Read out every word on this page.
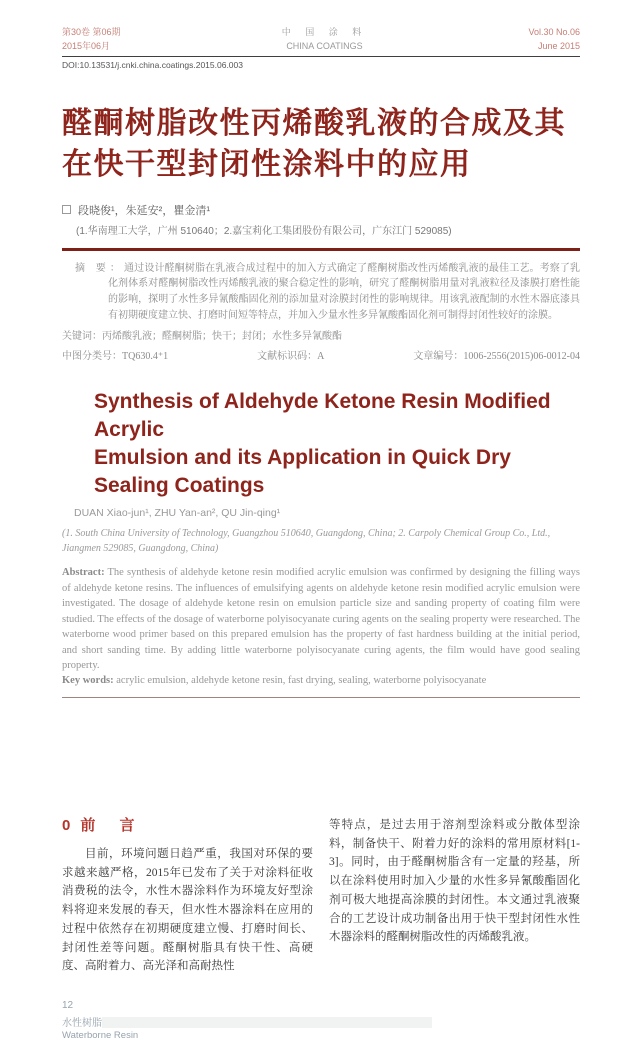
第30卷 第06期
2015年06月
中 国 涂 料
CHINA COATINGS
Vol.30 No.06
June 2015
DOI:10.13531/j.cnki.china.coatings.2015.06.003
醛酮树脂改性丙烯酸乳液的合成及其
在快干型封闭性涂料中的应用
段晓俊¹，朱延安²，瞿金清¹
(1.华南理工大学，广州 510640；2.嘉宝莉化工集团股份有限公司，广东江门 529085)
摘 要：通过设计醛酮树脂在乳液合成过程中的加入方式确定了醛酮树脂改性丙烯酸乳液的最佳工艺。考察了乳化剂体系对醛酮树脂改性丙烯酸乳液的聚合稳定性的影响，研究了醛酮树脂用量对乳液粒径及漆膜打磨性能的影响，探明了水性多异氰酸酯固化剂的添加量对涂膜封闭性的影响规律。用该乳液配制的水性木器底漆具有初期硬度建立快、打磨时间短等特点，并加入少量水性多异氰酸酯固化剂可制得封闭性较好的涂膜。
关键词：丙烯酸乳液；醛酮树脂；快干；封闭；水性多异氰酸酯
中图分类号：TQ630.4⁺1	文献标识码：A	文章编号：1006-2556(2015)06-0012-04
Synthesis of Aldehyde Ketone Resin Modified Acrylic
Emulsion and its Application in Quick Dry Sealing Coatings
DUAN Xiao-jun¹, ZHU Yan-an², QU Jin-qing¹
(1. South China University of Technology, Guangzhou 510640, Guangdong, China; 2. Carpoly Chemical Group Co., Ltd., Jiangmen 529085, Guangdong, China)
Abstract: The synthesis of aldehyde ketone resin modified acrylic emulsion was confirmed by designing the filling ways of aldehyde ketone resins. The influences of emulsifying agents on aldehyde ketone resin modified acrylic emulsion were investigated. The dosage of aldehyde ketone resin on emulsion particle size and sanding property of coating film were studied. The effects of the dosage of waterborne polyisocyanate curing agents on the sealing property were researched. The waterborne wood primer based on this prepared emulsion has the property of fast hardness building at the initial period, and short sanding time. By adding little waterborne polyisocyanate curing agents, the film would have good sealing property.
Key words: acrylic emulsion, aldehyde ketone resin, fast drying, sealing, waterborne polyisocyanate
0 前 言
目前，环境问题日趋严重，我国对环保的要求越来越严格，2015年已发布了关于对涂料征收消费税的法令，水性木器涂料作为环境友好型涂料将迎来发展的春天，但水性木器涂料在应用的过程中依然存在初期硬度建立慢、打磨时间长、封闭性差等问题。醛酮树脂具有快干性、高硬度、高附着力、高光泽和高耐热性
等特点，是过去用于溶剂型涂料或分散体型涂料，制备快干、附着力好的涂料的常用原材料[1-3]。同时，由于醛酮树脂含有一定量的羟基，所以在涂料使用时加入少量的水性多异氰酸酯固化剂可极大地提高涂膜的封闭性。本文通过乳液聚合的工艺设计成功制备出用于快干型封闭性水性木器涂料的醛酮树脂改性的丙烯酸乳液。
12
水性树脂
Waterborne Resin
